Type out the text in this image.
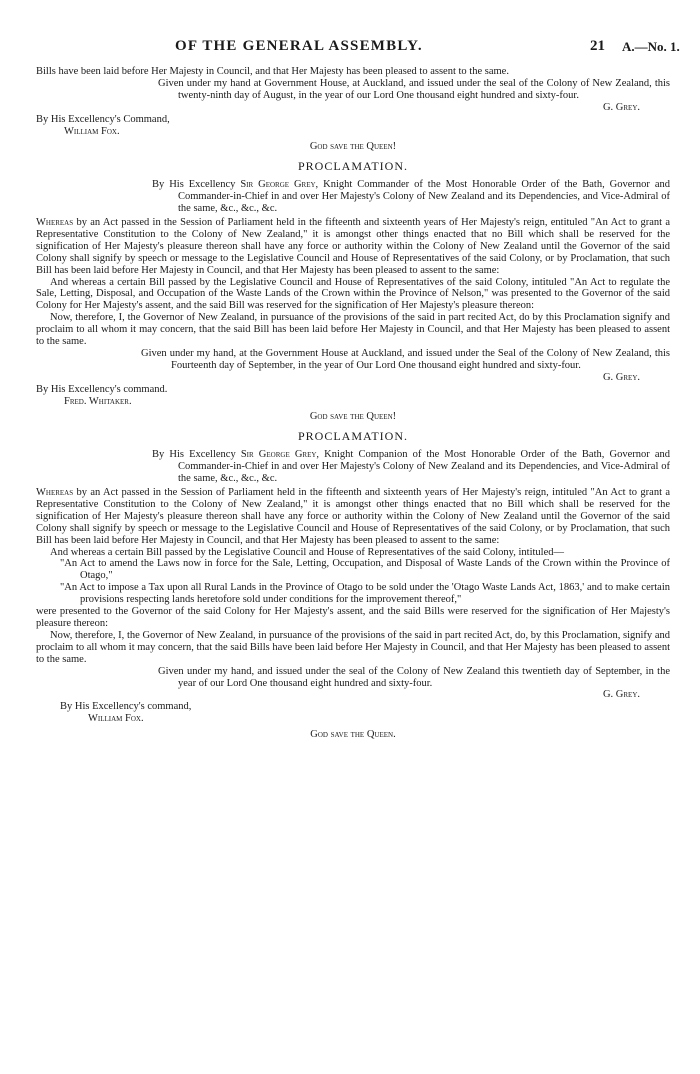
OF THE GENERAL ASSEMBLY.	21 A.—No. 1.

Bills have been laid before Her Majesty in Council, and that Her Majesty has been pleased to assent to the same.

Given under my hand at Government House, at Auckland, and issued under the seal of the Colony of New Zealand, this twenty-ninth day of August, in the year of our Lord One thousand eight hundred and sixty-four.

G. Grey.

By His Excellency's Command,

William Fox.

God save the Queen!

PROCLAMATION.

By His Excellency Sir George Grey, Knight Commander of the Most Honorable Order of the Bath, Governor and Commander-in-Chief in and over Her Majesty's Colony of New Zealand and its Dependencies, and Vice-Admiral of the same, &c., &c., &c.

Whereas by an Act passed in the Session of Parliament held in the fifteenth and sixteenth years of Her Majesty's reign, entituled "An Act to grant a Representative Constitution to the Colony of New Zealand," it is amongst other things enacted that no Bill which shall be reserved for the signification of Her Majesty's pleasure thereon shall have any force or authority within the Colony of New Zealand until the Governor of the said Colony shall signify by speech or message to the Legislative Council and House of Representatives of the said Colony, or by Proclamation, that such Bill has been laid before Her Majesty in Council, and that Her Majesty has been pleased to assent to the same:

And whereas a certain Bill passed by the Legislative Council and House of Representatives of the said Colony, intituled "An Act to regulate the Sale, Letting, Disposal, and Occupation of the Waste Lands of the Crown within the Province of Nelson," was presented to the Governor of the said Colony for Her Majesty's assent, and the said Bill was reserved for the signification of Her Majesty's pleasure thereon:

Now, therefore, I, the Governor of New Zealand, in pursuance of the provisions of the said in part recited Act, do by this Proclamation signify and proclaim to all whom it may concern, that the said Bill has been laid before Her Majesty in Council, and that Her Majesty has been pleased to assent to the same.

Given under my hand, at the Government House at Auckland, and issued under the Seal of the Colony of New Zealand, this Fourteenth day of September, in the year of Our Lord One thousand eight hundred and sixty-four.

G. Grey.

By His Excellency's command.

Fred. Whitaker.

God save the Queen!

PROCLAMATION.

By His Excellency Sir George Grey, Knight Companion of the Most Honorable Order of the Bath, Governor and Commander-in-Chief in and over Her Majesty's Colony of New Zealand and its Dependencies, and Vice-Admiral of the same, &c., &c., &c.

Whereas by an Act passed in the Session of Parliament held in the fifteenth and sixteenth years of Her Majesty's reign, intituled "An Act to grant a Representative Constitution to the Colony of New Zealand," it is amongst other things enacted that no Bill which shall be reserved for the signification of Her Majesty's pleasure thereon shall have any force or authority within the Colony of New Zealand until the Governor of the said Colony shall signify by speech or message to the Legislative Council and House of Representatives of the said Colony, or by Proclamation, that such Bill has been laid before Her Majesty in Council, and that Her Majesty has been pleased to assent to the same:

And whereas a certain Bill passed by the Legislative Council and House of Representatives of the said Colony, intituled—

"An Act to amend the Laws now in force for the Sale, Letting, Occupation, and Disposal of Waste Lands of the Crown within the Province of Otago,"

"An Act to impose a Tax upon all Rural Lands in the Province of Otago to be sold under the 'Otago Waste Lands Act, 1863,' and to make certain provisions respecting lands heretofore sold under conditions for the improvement thereof,"

were presented to the Governor of the said Colony for Her Majesty's assent, and the said Bills were reserved for the signification of Her Majesty's pleasure thereon:

Now, therefore, I, the Governor of New Zealand, in pursuance of the provisions of the said in part recited Act, do, by this Proclamation, signify and proclaim to all whom it may concern, that the said Bills have been laid before Her Majesty in Council, and that Her Majesty has been pleased to assent to the same.

Given under my hand, and issued under the seal of the Colony of New Zealand this twentieth day of September, in the year of our Lord One thousand eight hundred and sixty-four.

G. Grey.

By His Excellency's command,

William Fox.

God save the Queen.
